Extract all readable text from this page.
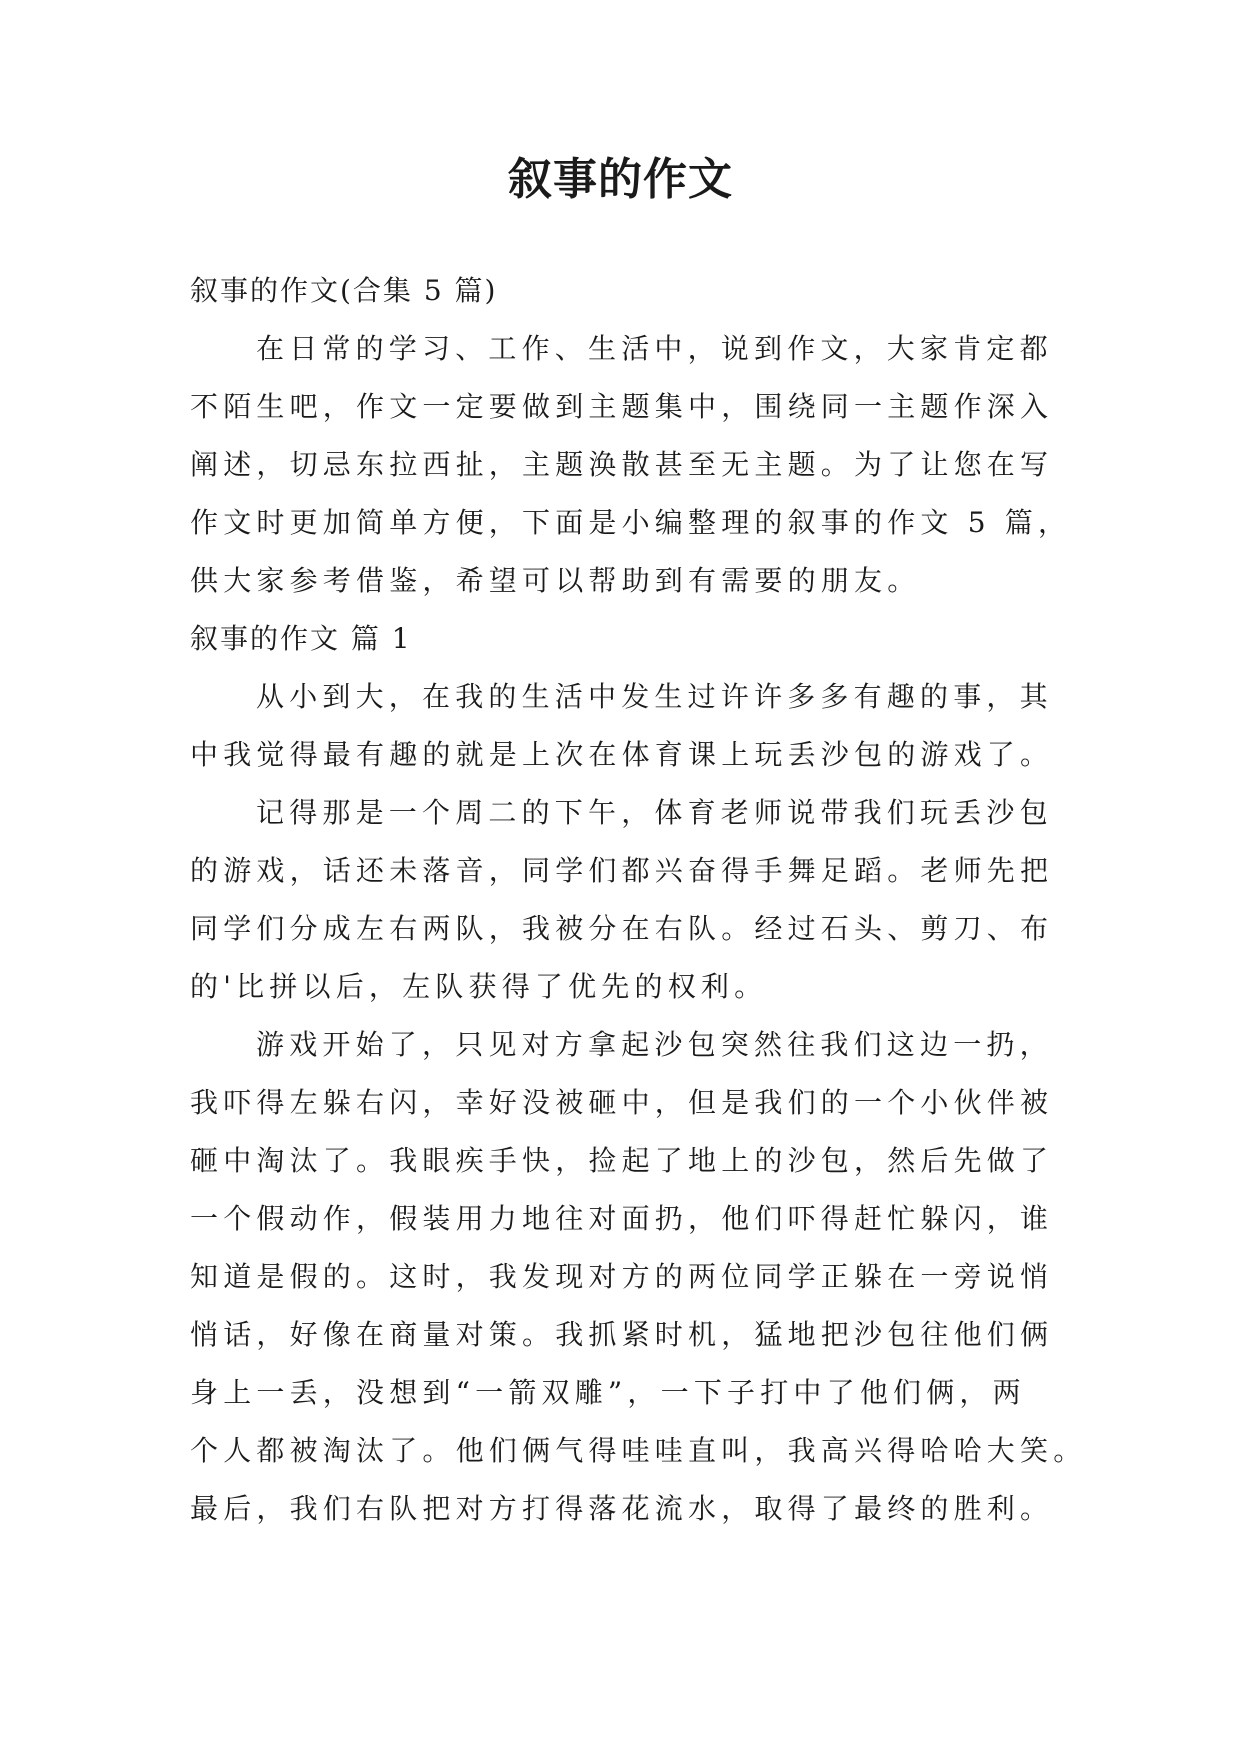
叙事的作文
叙事的作文(合集 5 篇)
在日常的学习、工作、生活中，说到作文，大家肯定都
不陌生吧，作文一定要做到主题集中，围绕同一主题作深入
阐述，切忌东拉西扯，主题涣散甚至无主题。为了让您在写
作文时更加简单方便，下面是小编整理的叙事的作文 5 篇，
供大家参考借鉴，希望可以帮助到有需要的朋友。
叙事的作文 篇 1
从小到大，在我的生活中发生过许许多多有趣的事，其
中我觉得最有趣的就是上次在体育课上玩丢沙包的游戏了。
记得那是一个周二的下午，体育老师说带我们玩丢沙包
的游戏，话还未落音，同学们都兴奋得手舞足蹈。老师先把
同学们分成左右两队，我被分在右队。经过石头、剪刀、布
的'比拼以后，左队获得了优先的权利。
游戏开始了，只见对方拿起沙包突然往我们这边一扔，
我吓得左躲右闪，幸好没被砸中，但是我们的一个小伙伴被
砸中淘汰了。我眼疾手快，捡起了地上的沙包，然后先做了
一个假动作，假装用力地往对面扔，他们吓得赶忙躲闪，谁
知道是假的。这时，我发现对方的两位同学正躲在一旁说悄
悄话，好像在商量对策。我抓紧时机，猛地把沙包往他们俩
身上一丢，没想到“一箭双雕”，一下子打中了他们俩，两
个人都被淘汰了。他们俩气得哇哇直叫，我高兴得哈哈大笑。
最后，我们右队把对方打得落花流水，取得了最终的胜利。
